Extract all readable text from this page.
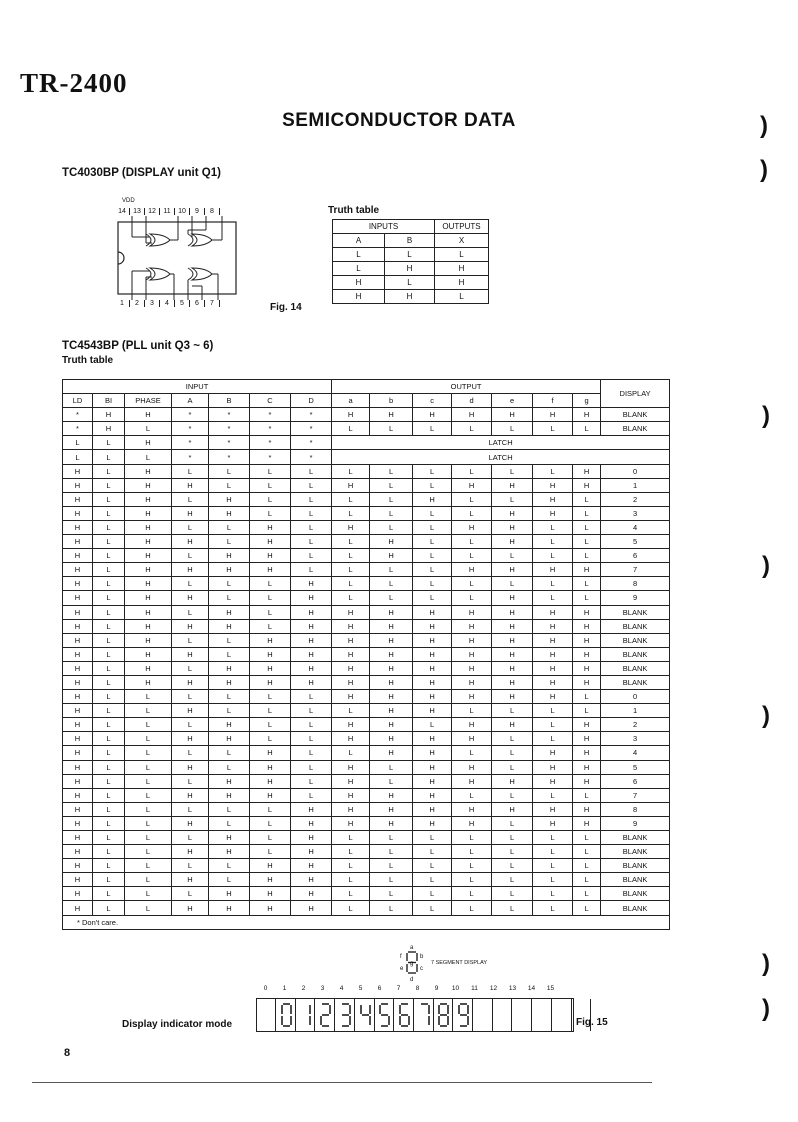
TR-2400
SEMICONDUCTOR DATA	)
)
)
)
)
)
)
TC4030BP (DISPLAY unit Q1)
VDD
14 13 12 11 10 9 8
1 2 3 4 5 6 7	Fig. 14
Truth table
INPUTS		OUTPUTS
A	B	X
L	L	L
L	H	H
H	L	H
H	H	L
TC4543BP (PLL unit Q3 ~ 6)
Truth table
INPUT							OUTPUT							DISPLAY
LD	BI	PHASE	A	B	C	D	a	b	c	d	e	f	g	
*	H	H	*	*	*	*	H	H	H	H	H	H	H	BLANK
*	H	L	*	*	*	*	L	L	L	L	L	L	L	BLANK
L	L	H	*	*	*	*	LATCH							
L	L	L	*	*	*	*	LATCH							
H	L	H	L	L	L	L	L	L	L	L	L	L	H	0
H	L	H	H	L	L	L	H	L	L	H	H	H	H	1
H	L	H	L	H	L	L	L	L	H	L	L	H	L	2
H	L	H	H	H	L	L	L	L	L	L	H	H	L	3
H	L	H	L	L	H	L	H	L	L	H	H	L	L	4
H	L	H	H	L	H	L	L	H	L	L	H	L	L	5
H	L	H	L	H	H	L	L	H	L	L	L	L	L	6
H	L	H	H	H	H	L	L	L	L	H	H	H	H	7
H	L	H	L	L	L	H	L	L	L	L	L	L	L	8
H	L	H	H	L	L	H	L	L	L	L	H	L	L	9
H	L	H	L	H	L	H	H	H	H	H	H	H	H	BLANK
H	L	H	H	H	L	H	H	H	H	H	H	H	H	BLANK
H	L	H	L	L	H	H	H	H	H	H	H	H	H	BLANK
H	L	H	H	L	H	H	H	H	H	H	H	H	H	BLANK
H	L	H	L	H	H	H	H	H	H	H	H	H	H	BLANK
H	L	H	H	H	H	H	H	H	H	H	H	H	H	BLANK
H	L	L	L	L	L	L	H	H	H	H	H	H	L	0
H	L	L	H	L	L	L	L	H	H	L	L	L	L	1
H	L	L	L	H	L	L	H	H	L	H	H	L	H	2
H	L	L	H	H	L	L	H	H	H	H	L	L	H	3
H	L	L	L	L	H	L	L	H	H	L	L	H	H	4
H	L	L	H	L	H	L	H	L	H	H	L	H	H	5
H	L	L	L	H	H	L	H	L	H	H	H	H	H	6
H	L	L	H	H	H	L	H	H	H	L	L	L	L	7
H	L	L	L	L	L	H	H	H	H	H	H	H	H	8
H	L	L	H	L	L	H	H	H	H	H	L	H	H	9
H	L	L	L	H	L	H	L	L	L	L	L	L	L	BLANK
H	L	L	H	H	L	H	L	L	L	L	L	L	L	BLANK
H	L	L	L	L	H	H	L	L	L	L	L	L	L	BLANK
H	L	L	H	L	H	H	L	L	L	L	L	L	L	BLANK
H	L	L	L	H	H	H	L	L	L	L	L	L	L	BLANK
H	L	L	H	H	H	H	L	L	L	L	L	L	L	BLANK
* Don't care.														
a
b
c
d
e
f
g	7 SEGMENT DISPLAY
0 1 2 3 4 5 6 7 8 9 10 11 12 13 14 15
Display indicator mode	Fig. 15
8
